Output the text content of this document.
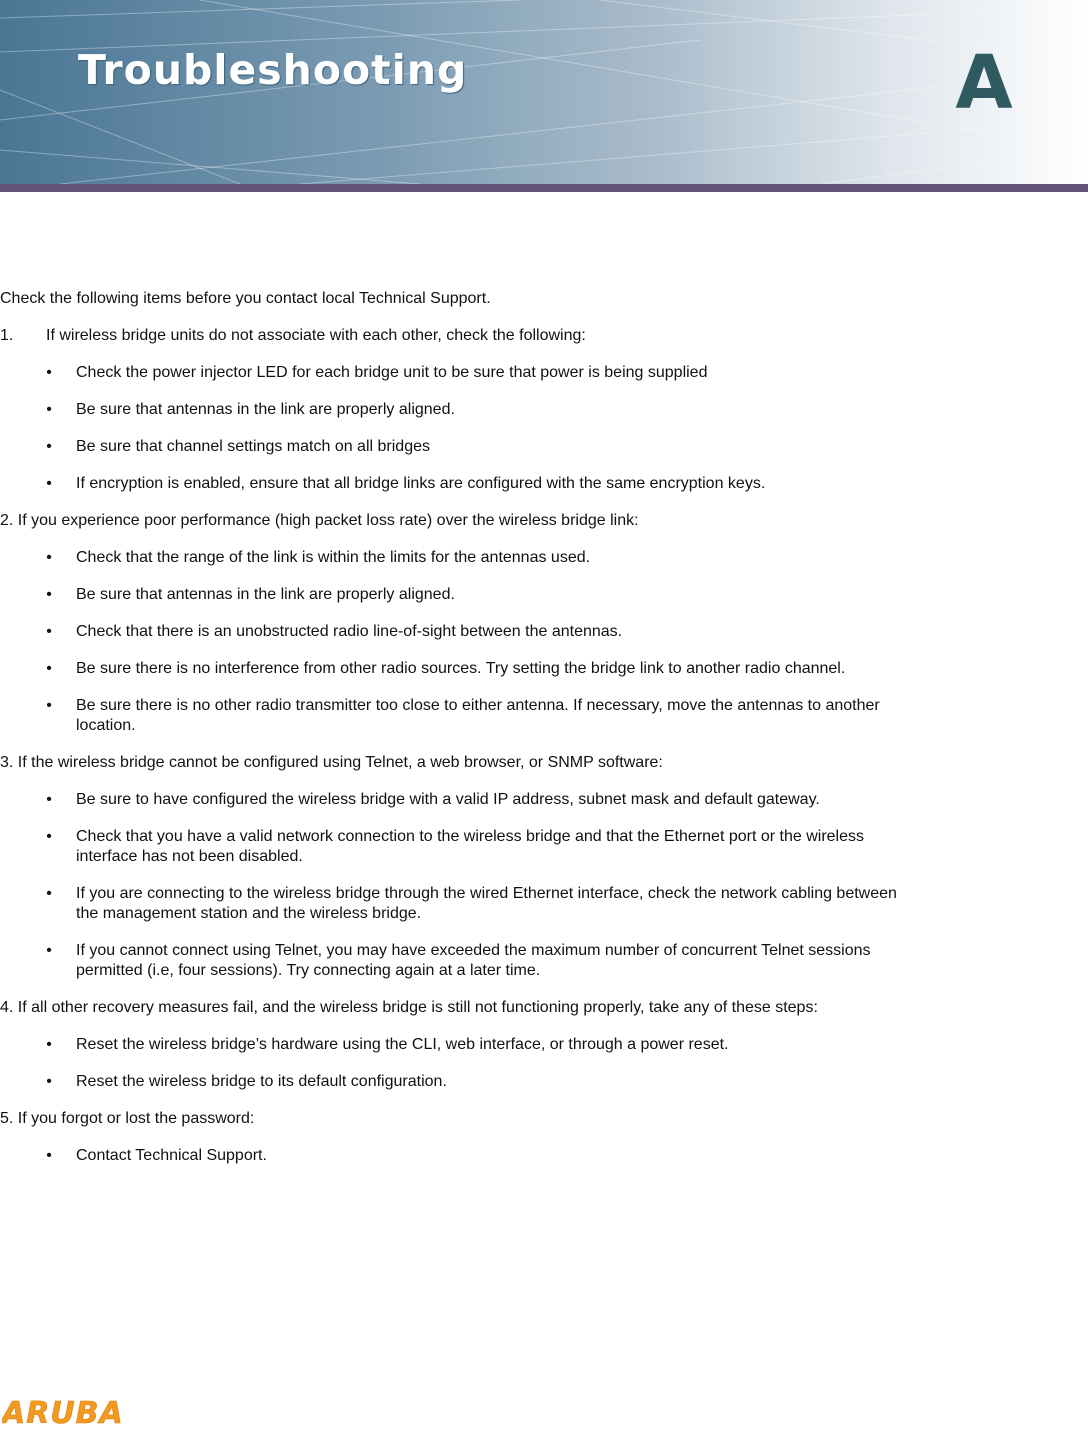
Troubleshooting	A

Check the following items before you contact local Technical Support.

1.	If wireless bridge units do not associate with each other, check the following:
• Check the power injector LED for each bridge unit to be sure that power is being supplied
• Be sure that antennas in the link are properly aligned.
• Be sure that channel settings match on all bridges
• If encryption is enabled, ensure that all bridge links are configured with the same encryption keys.

2. If you experience poor performance (high packet loss rate) over the wireless bridge link:

• Check that the range of the link is within the limits for the antennas used.
• Be sure that antennas in the link are properly aligned.
• Check that there is an unobstructed radio line-of-sight between the antennas.
• Be sure there is no interference from other radio sources. Try setting the bridge link to another radio channel.
• Be sure there is no other radio transmitter too close to either antenna. If necessary, move the antennas to another location.

3. If the wireless bridge cannot be configured using Telnet, a web browser, or SNMP software:

• Be sure to have configured the wireless bridge with a valid IP address, subnet mask and default gateway.
• Check that you have a valid network connection to the wireless bridge and that the Ethernet port or the wireless interface has not been disabled.
• If you are connecting to the wireless bridge through the wired Ethernet interface, check the network cabling between the management station and the wireless bridge.
• If you cannot connect using Telnet, you may have exceeded the maximum number of concurrent Telnet sessions permitted (i.e, four sessions). Try connecting again at a later time.

4. If all other recovery measures fail, and the wireless bridge is still not functioning properly, take any of these steps:

• Reset the wireless bridge’s hardware using the CLI, web interface, or through a power reset.
• Reset the wireless bridge to its default configuration.

5. If you forgot or lost the password:

• Contact Technical Support.
ARUBA
